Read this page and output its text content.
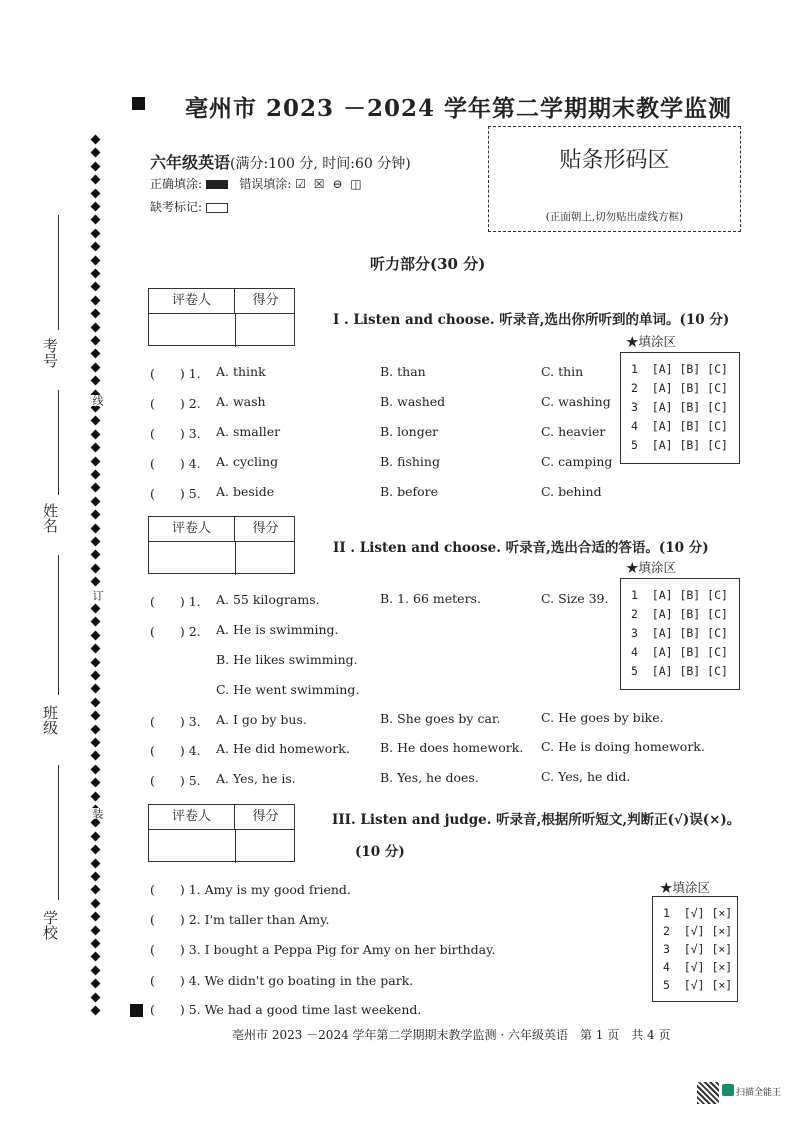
亳州市 2023 －2024 学年第二学期期末教学监测
六年级英语(满分:100 分, 时间:60 分钟)
正确填涂:	错误填涂: ☑ ☒ ⊖ ◫
缺考标记:
贴条形码区
(正面朝上,切勿贴出虚线方框)
听力部分(30 分)
评卷人	得分
I . Listen and choose. 听录音,选出你所听到的单词。(10 分)
★填涂区
1  [A] [B] [C]
2  [A] [B] [C]
3  [A] [B] [C]
4  [A] [B] [C]
5  [A] [B] [C]
(　　) 1. A. think	B. than	C. thin
(　　) 2. A. wash	B. washed	C. washing
(　　) 3. A. smaller	B. longer	C. heavier
(　　) 4. A. cycling	B. fishing	C. camping
(　　) 5. A. beside	B. before	C. behind
评卷人	得分
II . Listen and choose. 听录音,选出合适的答语。(10 分)
★填涂区
1  [A] [B] [C]
2  [A] [B] [C]
3  [A] [B] [C]
4  [A] [B] [C]
5  [A] [B] [C]
(　　) 1. A. 55 kilograms.	B. 1. 66 meters.	C. Size 39.
(　　) 2. A. He is swimming.
B. He likes swimming.
C. He went swimming.
(　　) 3. A. I go by bus.	B. She goes by car.	C. He goes by bike.
(　　) 4. A. He did homework. B. He does homework. C. He is doing homework.
(　　) 5. A. Yes, he is.	B. Yes, he does.	C. Yes, he did.
评卷人	得分	III. Listen and judge. 听录音,根据所听短文,判断正(√)误(×)。
(10 分)
★填涂区
1  [√] [×]
2  [√] [×]
3  [√] [×]
4  [√] [×]
5  [√] [×]
(　　) 1. Amy is my good friend.
(　　) 2. I'm taller than Amy.
(　　) 3. I bought a Peppa Pig for Amy on her birthday.
(　　) 4. We didn't go boating in the park.
(　　) 5. We had a good time last weekend.
考号
姓名
班级
学校
线
订
装
亳州市 2023 －2024 学年第二学期期末教学监测 · 六年级英语　第 1 页　共 4 页
扫描全能王
